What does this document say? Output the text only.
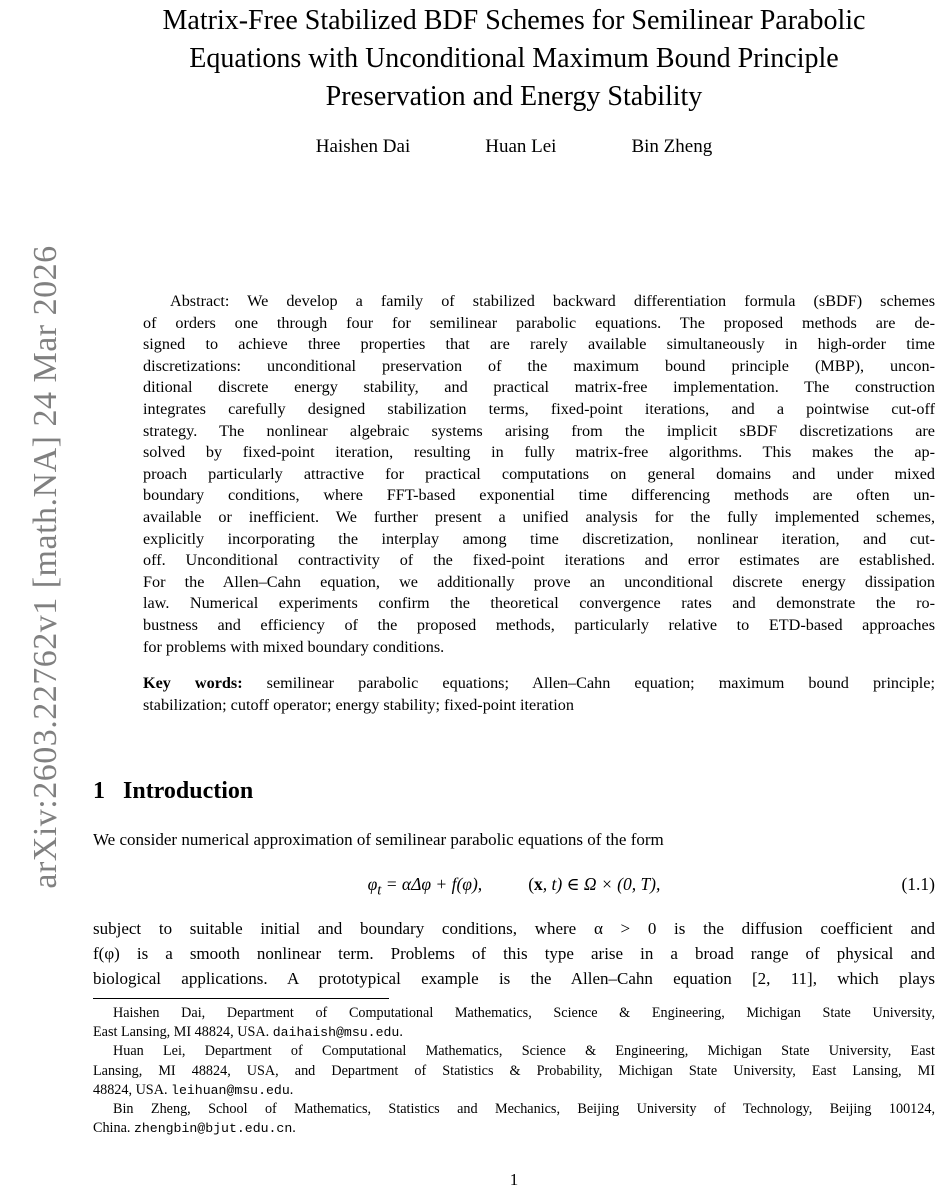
arXiv:2603.22762v1 [math.NA] 24 Mar 2026
Matrix-Free Stabilized BDF Schemes for Semilinear Parabolic
Equations with Unconditional Maximum Bound Principle
Preservation and Energy Stability
Haishen Dai	Huan Lei	Bin Zheng
Abstract: We develop a family of stabilized backward differentiation formula (sBDF) schemes
of orders one through four for semilinear parabolic equations. The proposed methods are de-
signed to achieve three properties that are rarely available simultaneously in high-order time
discretizations: unconditional preservation of the maximum bound principle (MBP), uncon-
ditional discrete energy stability, and practical matrix-free implementation. The construction
integrates carefully designed stabilization terms, fixed-point iterations, and a pointwise cut-off
strategy. The nonlinear algebraic systems arising from the implicit sBDF discretizations are
solved by fixed-point iteration, resulting in fully matrix-free algorithms. This makes the ap-
proach particularly attractive for practical computations on general domains and under mixed
boundary conditions, where FFT-based exponential time differencing methods are often un-
available or inefficient. We further present a unified analysis for the fully implemented schemes,
explicitly incorporating the interplay among time discretization, nonlinear iteration, and cut-
off. Unconditional contractivity of the fixed-point iterations and error estimates are established.
For the Allen–Cahn equation, we additionally prove an unconditional discrete energy dissipation
law. Numerical experiments confirm the theoretical convergence rates and demonstrate the ro-
bustness and efficiency of the proposed methods, particularly relative to ETD-based approaches
for problems with mixed boundary conditions.
Key words: semilinear parabolic equations; Allen–Cahn equation; maximum bound principle;
stabilization; cutoff operator; energy stability; fixed-point iteration
1 Introduction
We consider numerical approximation of semilinear parabolic equations of the form
$\varphi_t = \alpha\Delta\varphi + f(\varphi)$,	(x, t) ∈ Ω × (0, T),	(1.1)
subject to suitable initial and boundary conditions, where α > 0 is the diffusion coefficient and
f(φ) is a smooth nonlinear term. Problems of this type arise in a broad range of physical and
biological applications. A prototypical example is the Allen–Cahn equation [2, 11], which plays
Haishen Dai, Department of Computational Mathematics, Science & Engineering, Michigan State University,
East Lansing, MI 48824, USA. daihaish@msu.edu.
Huan Lei, Department of Computational Mathematics, Science & Engineering, Michigan State University, East
Lansing, MI 48824, USA, and Department of Statistics & Probability, Michigan State University, East Lansing, MI
48824, USA. leihuan@msu.edu.
Bin Zheng, School of Mathematics, Statistics and Mechanics, Beijing University of Technology, Beijing 100124,
China. zhengbin@bjut.edu.cn.
1
